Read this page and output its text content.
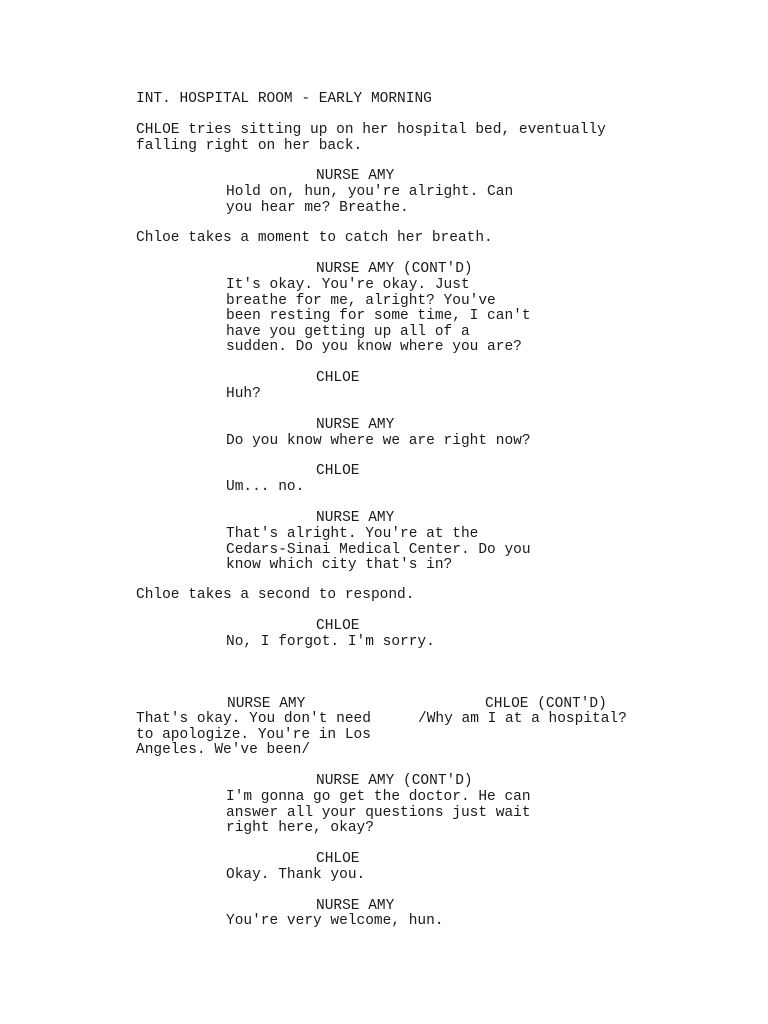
INT. HOSPITAL ROOM - EARLY MORNING
CHLOE tries sitting up on her hospital bed, eventually
falling right on her back.
NURSE AMY
Hold on, hun, you're alright. Can
you hear me? Breathe.
Chloe takes a moment to catch her breath.
NURSE AMY (CONT'D)
It's okay. You're okay. Just
breathe for me, alright? You've
been resting for some time, I can't
have you getting up all of a
sudden. Do you know where you are?
CHLOE
Huh?
NURSE AMY
Do you know where we are right now?
CHLOE
Um... no.
NURSE AMY
That's alright. You're at the
Cedars-Sinai Medical Center. Do you
know which city that's in?
Chloe takes a second to respond.
CHLOE
No, I forgot. I'm sorry.
NURSE AMY
That's okay. You don't need
to apologize. You're in Los
Angeles. We've been/
CHLOE (CONT'D)
/Why am I at a hospital?
NURSE AMY (CONT'D)
I'm gonna go get the doctor. He can
answer all your questions just wait
right here, okay?
CHLOE
Okay. Thank you.
NURSE AMY
You're very welcome, hun.
